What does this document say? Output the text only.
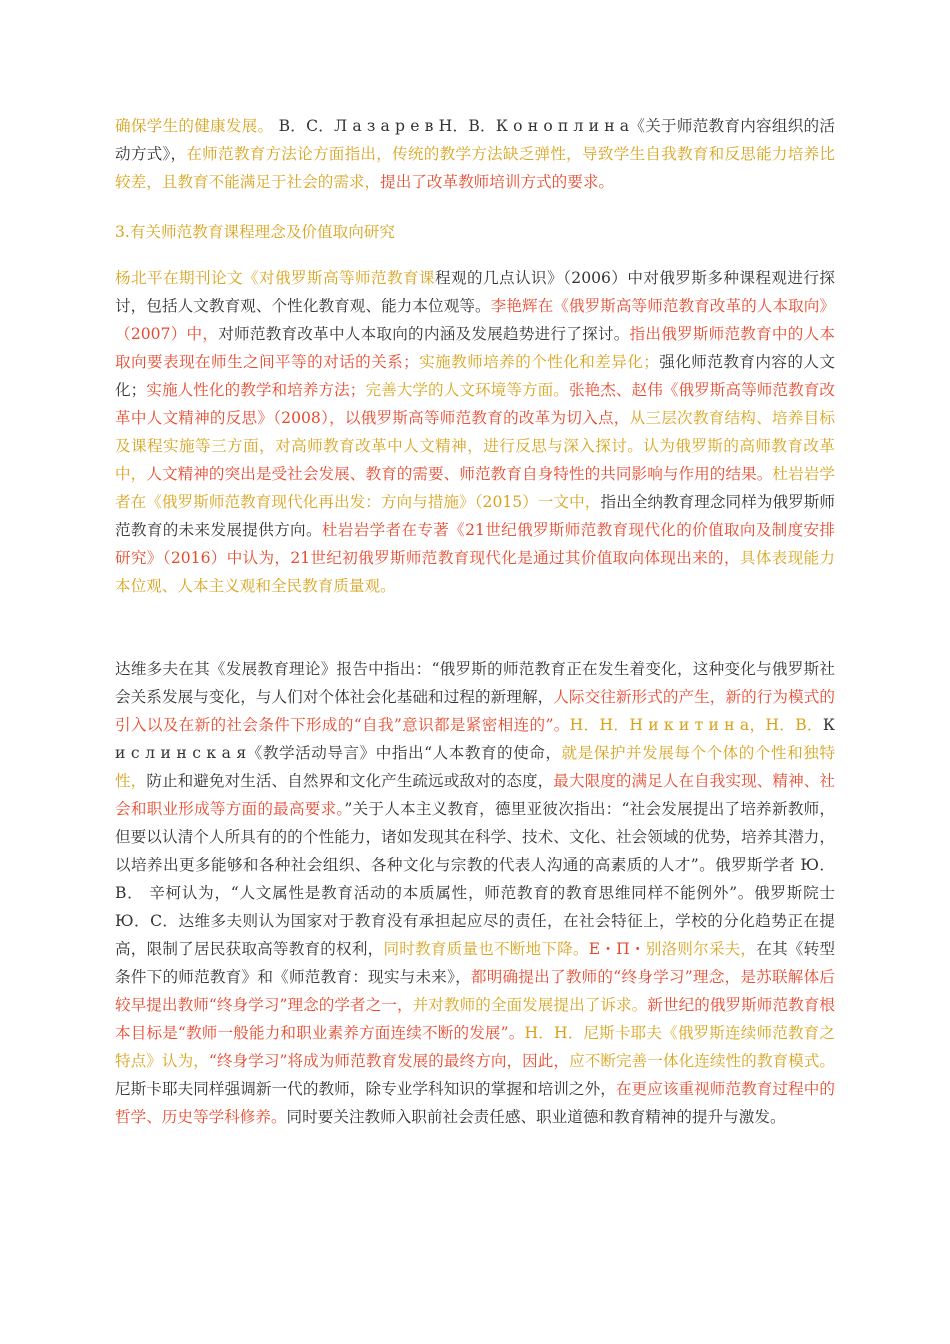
确保学生的健康发展。 В．С．Л а з а р е в Н．В．К о н о п л и н а《关于师范教育内容组织的活动方式》，在师范教育方法论方面指出，传统的教学方法缺乏弹性，导致学生自我教育和反思能力培养比较差，且教育不能满足于社会的需求，提出了改革教师培训方式的要求。

3.有关师范教育课程理念及价值取向研究

杨北平在期刊论文《对俄罗斯高等师范教育课程观的几点认识》（2006）中对俄罗斯多种课程观进行探讨，包括人文教育观、个性化教育观、能力本位观等。李艳辉在《俄罗斯高等师范教育改革的人本取向》（2007）中，对师范教育改革中人本取向的内涵及发展趋势进行了探讨。指出俄罗斯师范教育中的人本取向要表现在师生之间平等的对话的关系；实施教师培养的个性化和差异化；强化师范教育内容的人文化；实施人性化的教学和培养方法；完善大学的人文环境等方面。张艳杰、赵伟《俄罗斯高等师范教育改革中人文精神的反思》（2008），以俄罗斯高等师范教育的改革为切入点，从三层次教育结构、培养目标及课程实施等三方面，对高师教育改革中人文精神，进行反思与深入探讨。认为俄罗斯的高师教育改革中，人文精神的突出是受社会发展、教育的需要、师范教育自身特性的共同影响与作用的结果。杜岩岩学者在《俄罗斯师范教育现代化再出发：方向与措施》（2015）一文中，指出全纳教育理念同样为俄罗斯师范教育的未来发展提供方向。杜岩岩学者在专著《21世纪俄罗斯师范教育现代化的价值取向及制度安排研究》（2016）中认为，21世纪初俄罗斯师范教育现代化是通过其价值取向体现出来的，具体表现能力本位观、人本主义观和全民教育质量观。

达维多夫在其《发展教育理论》报告中指出：“俄罗斯的师范教育正在发生着变化，这种变化与俄罗斯社会关系发展与变化，与人们对个体社会化基础和过程的新理解，人际交往新形式的产生，新的行为模式的引入以及在新的社会条件下形成的“自我”意识都是紧密相连的”。Н．Н．Н и к и т и н а，Н．В．К и с л и н с к а я《教学活动导言》中指出“人本教育的使命，就是保护并发展每个个体的个性和独特性，防止和避免对生活、自然界和文化产生疏远或敌对的态度，最大限度的满足人在自我实现、精神、社会和职业形成等方面的最高要求。”关于人本主义教育，德里亚彼次指出：“社会发展提出了培养新教师，但要以认清个人所具有的的个性能力，诸如发现其在科学、技术、文化、社会领域的优势，培养其潜力，以培养出更多能够和各种社会组织、各种文化与宗教的代表人沟通的高素质的人才”。俄罗斯学者 Ю．В． 辛柯认为，“人文属性是教育活动的本质属性，师范教育的教育思维同样不能例外”。俄罗斯院士 Ю．С．达维多夫则认为国家对于教育没有承担起应尽的责任，在社会特征上，学校的分化趋势正在提高，限制了居民获取高等教育的权利，同时教育质量也不断地下降。Е・П・别洛则尔采夫，在其《转型条件下的师范教育》和《师范教育：现实与未来》，都明确提出了教师的“终身学习”理念，是苏联解体后较早提出教师“终身学习”理念的学者之一，并对教师的全面发展提出了诉求。新世纪的俄罗斯师范教育根本目标是“教师一般能力和职业素养方面连续不断的发展”。Н．Н．尼斯卡耶夫《俄罗斯连续师范教育之特点》认为，“终身学习”将成为师范教育发展的最终方向，因此，应不断完善一体化连续性的教育模式。尼斯卡耶夫同样强调新一代的教师，除专业学科知识的掌握和培训之外，在更应该重视师范教育过程中的哲学、历史等学科修养。同时要关注教师入职前社会责任感、职业道德和教育精神的提升与激发。
